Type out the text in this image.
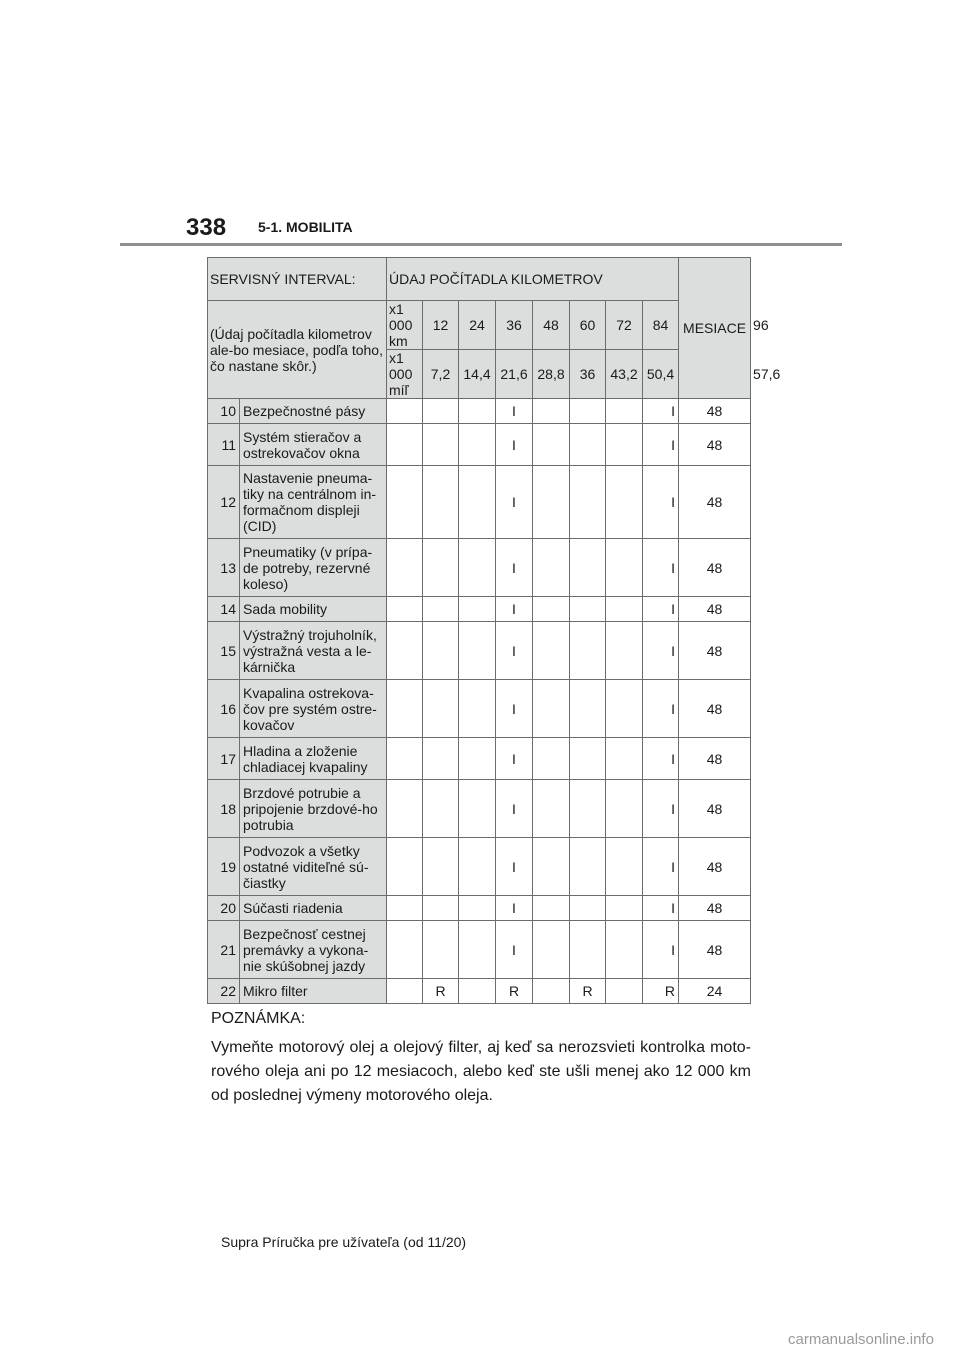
338 5-1. MOBILITA
SERVISNÝ INTERVAL:		ÚDAJ POČÍTADLA KILOMETROV								MESIACE	
(Údaj počítadla kilometrov ale-bo mesiace, podľa toho, čo nastane skôr.)		x1 000 km	12	24	36	48	60	72	84		96
		x1 000 míľ	7,2	14,4	21,6	28,8	36	43,2	50,4		57,6
10	Bezpečnostné pásy				I				I	48	
11	Systém stieračov a ostrekovačov okna				I				I	48	
12	Nastavenie pneuma-tiky na centrálnom in-formačnom displeji (CID)				I				I	48	
13	Pneumatiky (v prípa-de potreby, rezervné koleso)				I				I	48	
14	Sada mobility				I				I	48	
15	Výstražný trojuholník, výstražná vesta a le-kárnička				I				I	48	
16	Kvapalina ostrekova-čov pre systém ostre-kovačov				I				I	48	
17	Hladina a zloženie chladiacej kvapaliny				I				I	48	
18	Brzdové potrubie a pripojenie brzdové-ho potrubia				I				I	48	
19	Podvozok a všetky ostatné viditeľné sú-čiastky				I				I	48	
20	Súčasti riadenia				I				I	48	
21	Bezpečnosť cestnej premávky a vykona-nie skúšobnej jazdy				I				I	48	
22	Mikro filter		R		R		R		R	24	
POZNÁMKA:
Vymeňte motorový olej a olejový filter, aj keď sa nerozsvieti kontrolka moto-rového oleja ani po 12 mesiacoch, alebo keď ste ušli menej ako 12 000 km od poslednej výmeny motorového oleja.
Supra Príručka pre užívateľa (od 11/20)
carmanualsonline.info
